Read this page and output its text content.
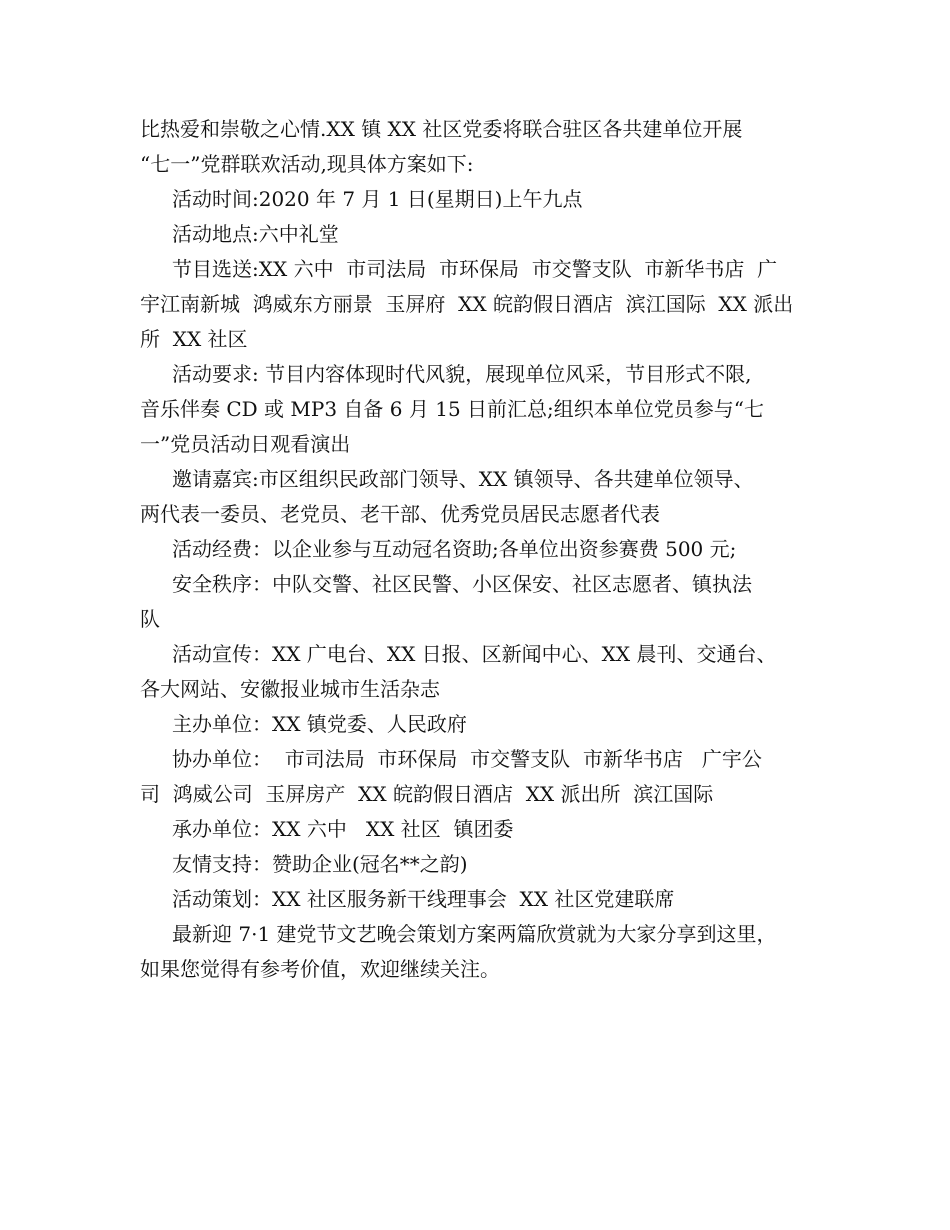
比热爱和崇敬之心情.XX 镇 XX 社区党委将联合驻区各共建单位开展
“七一”党群联欢活动,现具体方案如下:
活动时间:2020 年 7 月 1 日(星期日)上午九点
活动地点:六中礼堂
节目选送:XX 六中  市司法局  市环保局  市交警支队  市新华书店  广
宇江南新城  鸿威东方丽景  玉屏府  XX 皖韵假日酒店  滨江国际  XX 派出
所  XX 社区
活动要求: 节目内容体现时代风貌，展现单位风采，节目形式不限,
音乐伴奏 CD 或 MP3 自备 6 月 15 日前汇总;组织本单位党员参与“七
一”党员活动日观看演出
邀请嘉宾:市区组织民政部门领导、XX 镇领导、各共建单位领导、
两代表一委员、老党员、老干部、优秀党员居民志愿者代表
活动经费：以企业参与互动冠名资助;各单位出资参赛费 500 元;
安全秩序：中队交警、社区民警、小区保安、社区志愿者、镇执法
队
活动宣传：XX 广电台、XX 日报、区新闻中心、XX 晨刊、交通台、
各大网站、安徽报业城市生活杂志
主办单位：XX 镇党委、人民政府
协办单位：  市司法局  市环保局  市交警支队  市新华书店   广宇公
司  鸿威公司  玉屏房产  XX 皖韵假日酒店  XX 派出所  滨江国际
承办单位：XX 六中   XX 社区  镇团委
友情支持：赞助企业(冠名**之韵)
活动策划：XX 社区服务新干线理事会  XX 社区党建联席
最新迎 7·1 建党节文艺晚会策划方案两篇欣赏就为大家分享到这里，
如果您觉得有参考价值，欢迎继续关注。
